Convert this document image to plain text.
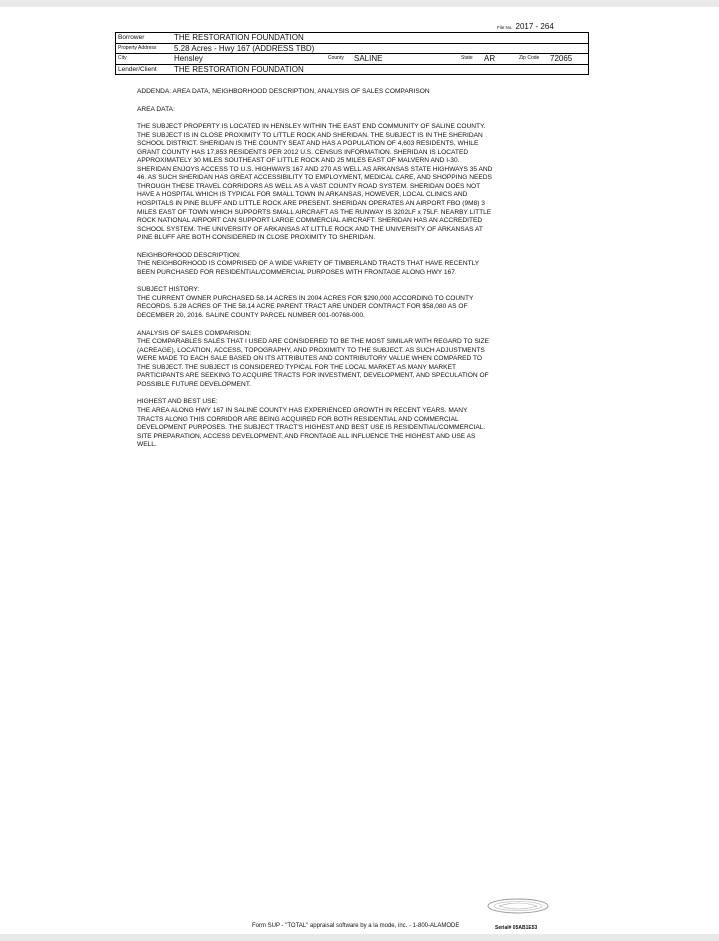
File No. 2017 - 264
Borrower	THE RESTORATION FOUNDATION
Property Address 5.28 Acres - Hwy 167 (ADDRESS TBD)
City	Hensley	County SALINE	State AR	Zip Code 72065
Lender/Client THE RESTORATION FOUNDATION

ADDENDA: AREA DATA, NEIGHBORHOOD DESCRIPTION, ANALYSIS OF SALES COMPARISON

AREA DATA:

THE SUBJECT PROPERTY IS LOCATED IN HENSLEY WITHIN THE EAST END COMMUNITY OF SALINE COUNTY.
THE SUBJECT IS IN CLOSE PROXIMITY TO LITTLE ROCK AND SHERIDAN. THE SUBJECT IS IN THE SHERIDAN
SCHOOL DISTRICT. SHERIDAN IS THE COUNTY SEAT AND HAS A POPULATION OF 4,603 RESIDENTS, WHILE
GRANT COUNTY HAS 17,853 RESIDENTS PER 2012 U.S. CENSUS INFORMATION. SHERIDAN IS LOCATED
APPROXIMATELY 30 MILES SOUTHEAST OF LITTLE ROCK AND 25 MILES EAST OF MALVERN AND I-30.
SHERIDAN ENJOYS ACCESS TO U.S. HIGHWAYS 167 AND 270 AS WELL AS ARKANSAS STATE HIGHWAYS 35 AND
46. AS SUCH SHERIDAN HAS GREAT ACCESSIBILITY TO EMPLOYMENT, MEDICAL CARE, AND SHOPPING NEEDS
THROUGH THESE TRAVEL CORRIDORS AS WELL AS A VAST COUNTY ROAD SYSTEM. SHERIDAN DOES NOT
HAVE A HOSPITAL WHICH IS TYPICAL FOR SMALL TOWN IN ARKANSAS, HOWEVER, LOCAL CLINICS AND
HOSPITALS IN PINE BLUFF AND LITTLE ROCK ARE PRESENT. SHERIDAN OPERATES AN AIRPORT FBO (9M8) 3
MILES EAST OF TOWN WHICH SUPPORTS SMALL AIRCRAFT AS THE RUNWAY IS 3202LF x 75LF. NEARBY LITTLE
ROCK NATIONAL AIRPORT CAN SUPPORT LARGE COMMERCIAL AIRCRAFT. SHERIDAN HAS AN ACCREDITED
SCHOOL SYSTEM. THE UNIVERSITY OF ARKANSAS AT LITTLE ROCK AND THE UNIVERSITY OF ARKANSAS AT
PINE BLUFF ARE BOTH CONSIDERED IN CLOSE PROXIMITY TO SHERIDAN.

NEIGHBORHOOD DESCRIPTION:

THE NEIGHBORHOOD IS COMPRISED OF A WIDE VARIETY OF TIMBERLAND TRACTS THAT HAVE RECENTLY
BEEN PURCHASED FOR RESIDENTIAL/COMMERCIAL PURPOSES WITH FRONTAGE ALONG HWY 167.

SUBJECT HISTORY:

THE CURRENT OWNER PURCHASED 58.14 ACRES IN 2004 ACRES FOR $290,000 ACCORDING TO COUNTY
RECORDS. 5.28 ACRES OF THE 58.14 ACRE PARENT TRACT ARE UNDER CONTRACT FOR $58,080 AS OF
DECEMBER 20, 2016. SALINE COUNTY PARCEL NUMBER 001-00768-000.

ANALYSIS OF SALES COMPARISON:

THE COMPARABLES SALES THAT I USED ARE CONSIDERED TO BE THE MOST SIMILAR WITH REGARD TO SIZE
(ACREAGE), LOCATION, ACCESS, TOPOGRAPHY, AND PROXIMITY TO THE SUBJECT. AS SUCH ADJUSTMENTS
WERE MADE TO EACH SALE BASED ON ITS ATTRIBUTES AND CONTRIBUTORY VALUE WHEN COMPARED TO
THE SUBJECT. THE SUBJECT IS CONSIDERED TYPICAL FOR THE LOCAL MARKET AS MANY MARKET
PARTICIPANTS ARE SEEKING TO ACQUIRE TRACTS FOR INVESTMENT, DEVELOPMENT, AND SPECULATION OF
POSSIBLE FUTURE DEVELOPMENT.

HIGHEST AND BEST USE:

THE AREA ALONG HWY 167 IN SALINE COUNTY HAS EXPERIENCED GROWTH IN RECENT YEARS. MANY
TRACTS ALONG THIS CORRIDOR ARE BEING ACQUIRED FOR BOTH RESIDENTIAL AND COMMERCIAL
DEVELOPMENT PURPOSES. THE SUBJECT TRACT'S HIGHEST AND BEST USE IS RESIDENTIAL/COMMERCIAL.
SITE PREPARATION, ACCESS DEVELOPMENT, AND FRONTAGE ALL INFLUENCE THE HIGHEST AND USE AS
WELL.

Form SUP - "TOTAL" appraisal software by a la mode, inc. - 1-800-ALAMODE	Serial# 05AB1E53
